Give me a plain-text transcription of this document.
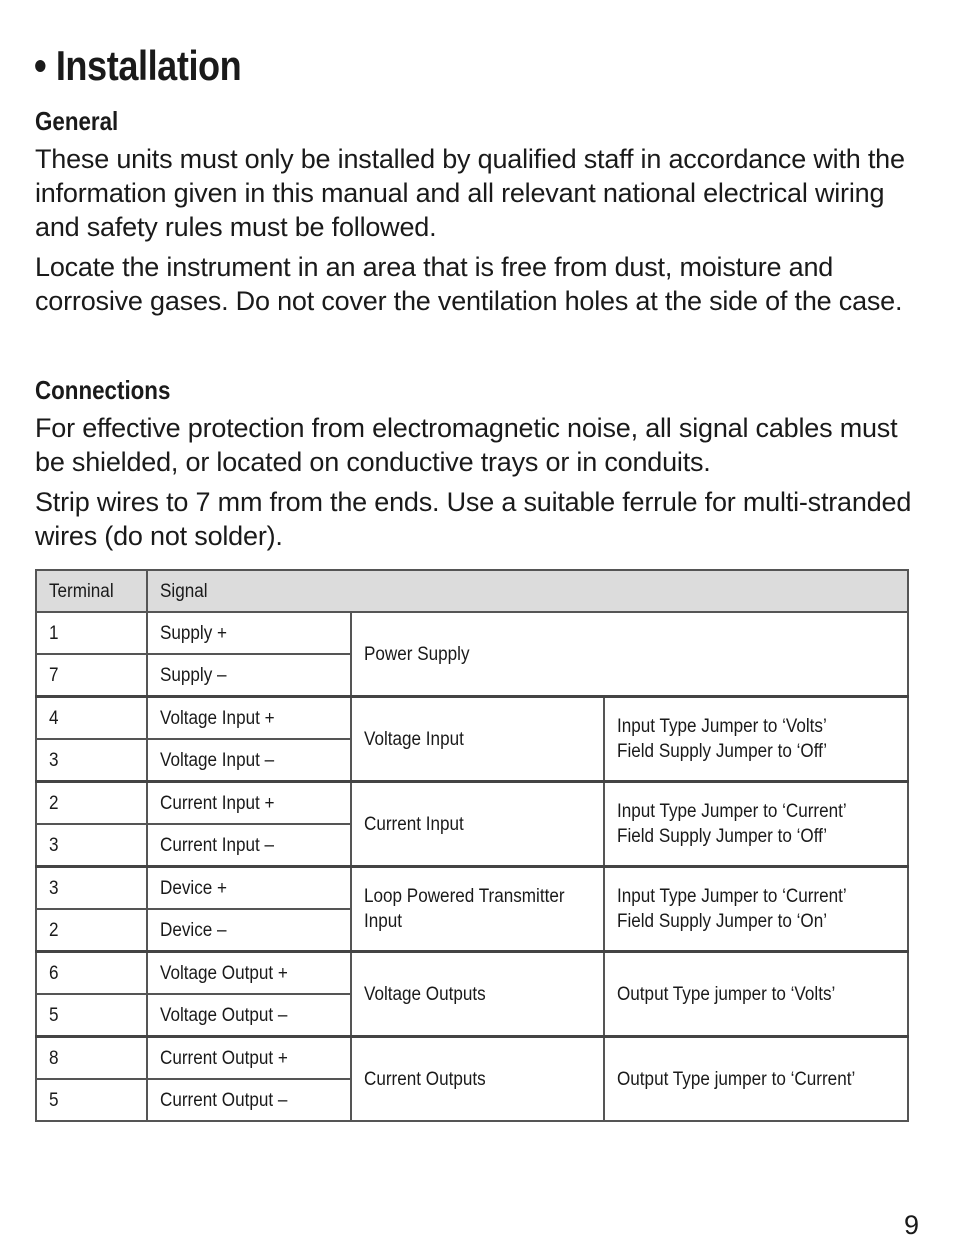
• Installation
General

These units must only be installed by qualified staff in accordance with the information given in this manual and all relevant national electrical wiring and safety rules must be followed.

Locate the instrument in an area that is free from dust, moisture and corrosive gases. Do not cover the ventilation holes at the side of the case.

Connections

For effective protection from electromagnetic noise, all signal cables must be shielded, or located on conductive trays or in conduits.

Strip wires to 7 mm from the ends. Use a suitable ferrule for multi-stranded wires (do not solder).

Terminal	Signal		
1	Supply +	Power Supply	
7	Supply –		
4	Voltage Input +	Voltage Input	Input Type Jumper to ‘Volts’
Field Supply Jumper to ‘Off’
3	Voltage Input –		
2	Current Input +	Current Input	Input Type Jumper to ‘Current’
Field Supply Jumper to ‘Off’
3	Current Input –		
3	Device +	Loop Powered Transmitter
Input	Input Type Jumper to ‘Current’
Field Supply Jumper to ‘On’
2	Device –		
6	Voltage Output +	Voltage Outputs	Output Type jumper to ‘Volts’
5	Voltage Output –		
8	Current Output +	Current Outputs	Output Type jumper to ‘Current’
5	Current Output –		
9
